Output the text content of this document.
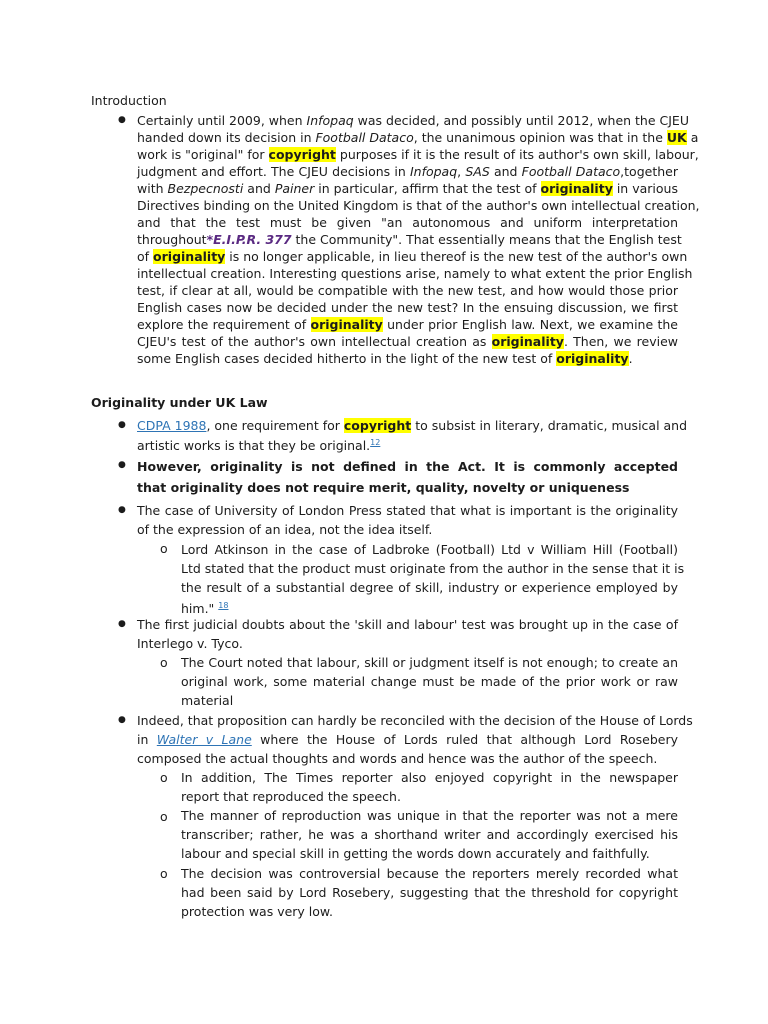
Introduction
● Certainly until 2009, when Infopaq was decided, and possibly until 2012, when the CJEU
handed down its decision in Football Dataco, the unanimous opinion was that in the UK a
work is "original" for copyright purposes if it is the result of its author's own skill, labour,
judgment and effort. The CJEU decisions in Infopaq, SAS and Football Dataco,together
with Bezpecnosti and Painer in particular, affirm that the test of originality in various
Directives binding on the United Kingdom is that of the author's own intellectual creation,
and that the test must be given "an autonomous and uniform interpretation
throughout*E.I.P.R. 377 the Community". That essentially means that the English test
of originality is no longer applicable, in lieu thereof is the new test of the author's own
intellectual creation. Interesting questions arise, namely to what extent the prior English
test, if clear at all, would be compatible with the new test, and how would those prior
English cases now be decided under the new test? In the ensuing discussion, we first
explore the requirement of originality under prior English law. Next, we examine the
CJEU's test of the author's own intellectual creation as originality. Then, we review
some English cases decided hitherto in the light of the new test of originality.
Originality under UK Law
● CDPA 1988, one requirement for copyright to subsist in literary, dramatic, musical and
artistic works is that they be original.$^{12}$
● However, originality is not defined in the Act. It is commonly accepted
that originality does not require merit, quality, novelty or uniqueness
● The case of University of London Press stated that what is important is the originality
of the expression of an idea, not the idea itself.
o Lord Atkinson in the case of Ladbroke (Football) Ltd v William Hill (Football)
Ltd stated that the product must originate from the author in the sense that it is
the result of a substantial degree of skill, industry or experience employed by
him." $^{18}$
● The first judicial doubts about the 'skill and labour' test was brought up in the case of
Interlego v. Tyco.
o The Court noted that labour, skill or judgment itself is not enough; to create an
original work, some material change must be made of the prior work or raw
material
● Indeed, that proposition can hardly be reconciled with the decision of the House of Lords
in Walter v Lane where the House of Lords ruled that although Lord Rosebery
composed the actual thoughts and words and hence was the author of the speech.
o In addition, The Times reporter also enjoyed copyright in the newspaper
report that reproduced the speech.
o The manner of reproduction was unique in that the reporter was not a mere
transcriber; rather, he was a shorthand writer and accordingly exercised his
labour and special skill in getting the words down accurately and faithfully.
o The decision was controversial because the reporters merely recorded what
had been said by Lord Rosebery, suggesting that the threshold for copyright
protection was very low.
